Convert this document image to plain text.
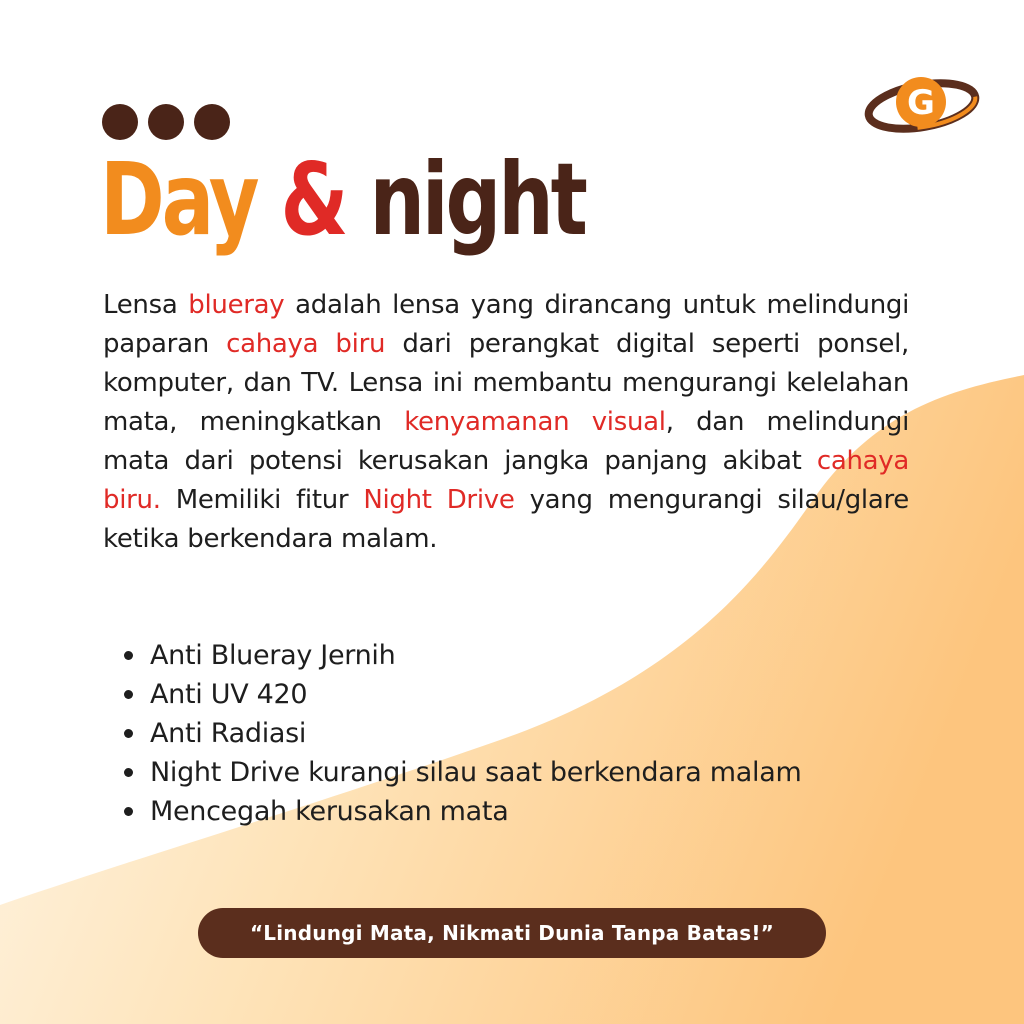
G
Day & night

Lensa blueray adalah lensa yang dirancang untuk melindungi paparan cahaya biru dari perangkat digital seperti ponsel, komputer, dan TV. Lensa ini membantu mengurangi kelelahan mata, meningkatkan kenyamanan visual, dan melindungi mata dari potensi kerusakan jangka panjang akibat cahaya biru. Memiliki fitur Night Drive yang mengurangi silau/glare ketika berkendara malam.

Anti Blueray Jernih
Anti UV 420
Anti Radiasi
Night Drive kurangi silau saat berkendara malam
Mencegah kerusakan mata
“Lindungi Mata, Nikmati Dunia Tanpa Batas!”
